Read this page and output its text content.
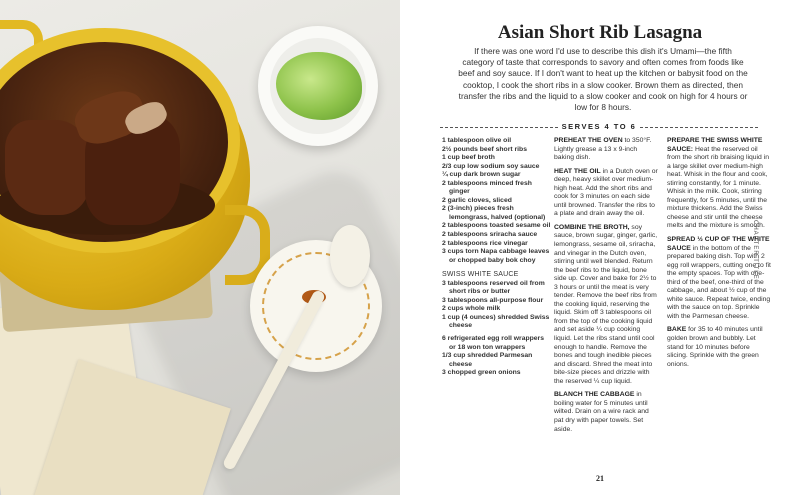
Asian Short Rib Lasagna
If there was one word I'd use to describe this dish it's Umami—the fifth category of taste that corresponds to savory and often comes from foods like beef and soy sauce. If I don't want to heat up the kitchen or babysit food on the cooktop, I cook the short ribs in a slow cooker. Brown them as directed, then transfer the ribs and the liquid to a slow cooker and cook on high for 4 hours or low for 8 hours.
SERVES 4 TO 6
1 tablespoon olive oil
2½ pounds beef short ribs
1 cup beef broth
2/3 cup low sodium soy sauce
¼ cup dark brown sugar
2 tablespoons minced fresh ginger
2 garlic cloves, sliced
2 (3-inch) pieces fresh lemongrass, halved (optional)
2 tablespoons toasted sesame oil
2 tablespoons sriracha sauce
2 tablespoons rice vinegar
3 cups torn Napa cabbage leaves or chopped baby bok choy
SWISS WHITE SAUCE
3 tablespoons reserved oil from short ribs or butter
3 tablespoons all-purpose flour
2 cups whole milk
1 cup (4 ounces) shredded Swiss cheese
6 refrigerated egg roll wrappers or 18 won ton wrappers
1/3 cup shredded Parmesan cheese
3 chopped green onions

PREHEAT THE OVEN to 350°F. Lightly grease a 13 x 9-inch baking dish.

HEAT THE OIL in a Dutch oven or deep, heavy skillet over medium-high heat. Add the short ribs and cook for 3 minutes on each side until browned. Transfer the ribs to a plate and drain away the oil.

COMBINE THE BROTH, soy sauce, brown sugar, ginger, garlic, lemongrass, sesame oil, sriracha, and vinegar in the Dutch oven, stirring until well blended. Return the beef ribs to the liquid, bone side up. Cover and bake for 2½ to 3 hours or until the meat is very tender. Remove the beef ribs from the cooking liquid, reserving the liquid. Skim off 3 tablespoons oil from the top of the cooking liquid and set aside ¼ cup cooking liquid. Let the ribs stand until cool enough to handle. Remove the bones and tough inedible pieces and discard. Shred the meat into bite-size pieces and drizzle with the reserved ¼ cup liquid.

BLANCH THE CABBAGE in boiling water for 5 minutes until wilted. Drain on a wire rack and pat dry with paper towels. Set aside.

PREPARE THE SWISS WHITE SAUCE: Heat the reserved oil from the short rib braising liquid in a large skillet over medium-high heat. Whisk in the flour and cook, stirring constantly, for 1 minute. Whisk in the milk. Cook, stirring frequently, for 5 minutes, until the mixture thickens. Add the Swiss cheese and stir until the cheese melts and the mixture is smooth.

SPREAD ½ CUP OF THE WHITE SAUCE in the bottom of the prepared baking dish. Top with 2 egg roll wrappers, cutting one to fit the empty spaces. Top with one-third of the beef, one-third of the cabbage, and about ½ cup of the white sauce. Repeat twice, ending with the sauce on top. Sprinkle with the Parmesan cheese.

BAKE for 35 to 40 minutes until golden brown and bubbly. Let stand for 10 minutes before slicing. Sprinkle with the green onions.

21
CHAPTER TITLE
